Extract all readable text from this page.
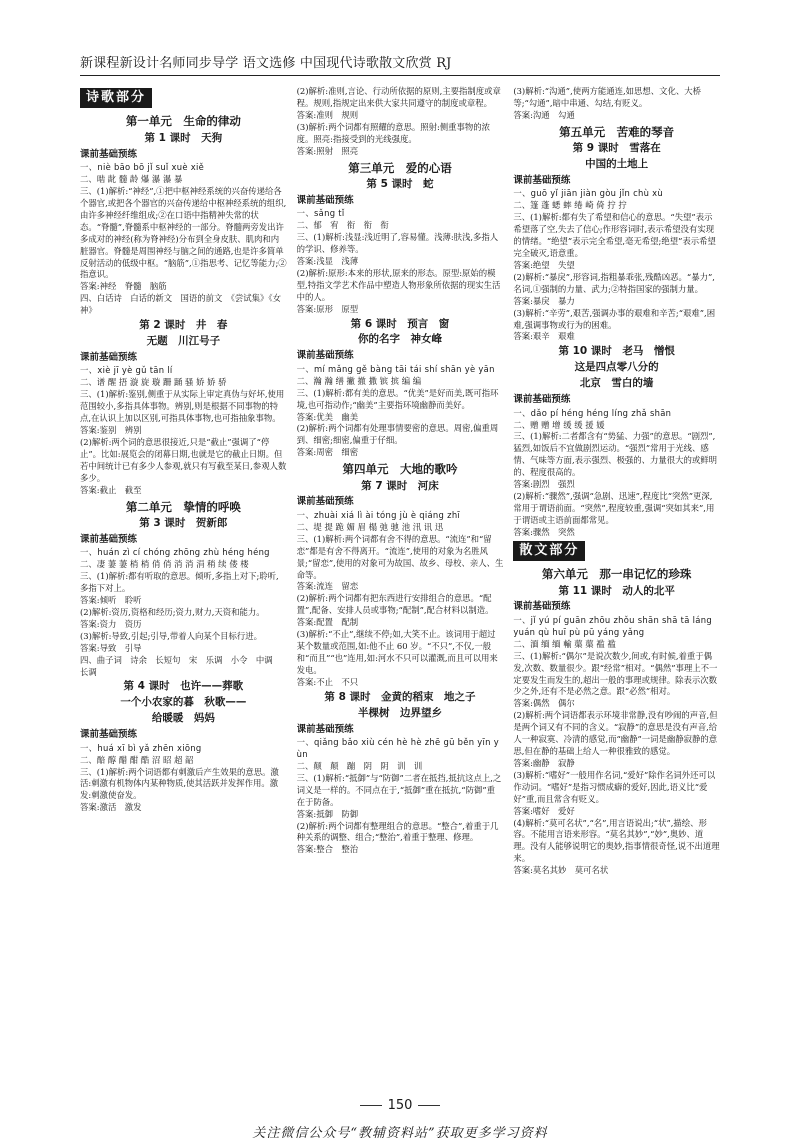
新课程新设计名师同步导学 语文选修 中国现代诗歌散文欣赏 RJ
诗歌部分
第一单元　生命的律动
第 1 课时　天狗
课前基础预练
一、niè bāo bō jǐ suǐ xuè xiě
二、啮 龀 髓 龄 爆 瀑 瀑 暴
三、(1)解析:“神经”,①把中枢神经系统的兴奋传递给各个器官,或把各个器官的兴奋传递给中枢神经系统的组织,由许多神经纤维组成;②在口语中指精神失常的状态。“脊髓”,脊髓系中枢神经的一部分。脊髓两旁发出许多成对的神经(称为脊神经)分布到全身皮肤、肌肉和内脏器官。脊髓是周围神经与脑之间的通路,也是许多简单反射活动的低级中枢。“脑筋”,①指思考、记忆等能力;②指意识。
答案:神经　脊髓　脑筋
四、白话诗　白话的新文　国语的前文　《尝试集》《女神》
第 2 课时　井　春
无题　川江号子
课前基础预练
一、xiè jī yè gǔ tān lí
二、谱 醒 捂 漩 旋 璇 跚 踊 骚 娇 娇 骄
三、(1)解析:鉴别,侧重于从实际上审定真伪与好坏,使用范围较小,多指具体事物。辨别,则是根据不同事物的特点,在认识上加以区别,可指具体事物,也可指抽象事物。
答案:鉴别　辨别
(2)解析:两个词的意思很接近,只是“截止”强调了“停止”。比如:展览会的闭幕日期,也就是它的截止日期。但若中间统计已有多少人参观,就只有写截至某日,参观人数多少。
答案:截止　截至
第二单元　挚情的呼唤
第 3 课时　贺新郎
课前基础预练
一、huán zì cí chóng zhōng zhù héng héng
二、凄 萋 萋 梢 梢 俏 俏 消 消 涓 稍 续 偻 楼
三、(1)解析:都有听取的意思。倾听,多指上对下;聆听,多指下对上。
答案:倾听　聆听
(2)解析:资历,资格和经历;资力,财力,天资和能力。
答案:资力　资历
(3)解析:导致,引起;引导,带着人向某个目标行进。
答案:导致　引导
四、曲子词　诗余　长短句　宋　乐调　小令　中调　长调
第 4 课时　也许——葬歌
一个小农家的暮　秋歌——
给暖暖　妈妈
课前基础预练
一、huá xī bì yǎ zhēn xiōng
二、醅 醇 醋 酣 酷 沼 昭 超 韶
三、(1)解析:两个词语都有刺激后产生效果的意思。激活:刺激有机物体内某种物质,使其活跃并发挥作用。激发:刺激使奋发。
答案:激活　激发
(2)解析:准则,言论、行动所依据的原则,主要指制度或章程。规则,指规定出来供大家共同遵守的制度或章程。
答案:准则　规则
(3)解析:两个词都有照耀的意思。照射:侧重事物的浓度。照亮:指接受到的光线强度。
答案:照射　照亮
第三单元　爱的心语
第 5 课时　蛇
课前基础预练
一、sǎng tǐ
二、郁　宥　衔　衔　衔
三、(1)解析:浅显:浅近明了,容易懂。浅薄:肤浅,多指人的学识、修养等。
答案:浅显　浅薄
(2)解析:原形:本来的形状,原来的形态。原型:原始的模型,特指文学艺术作品中塑造人物形象所依据的现实生活中的人。
答案:原形　原型
第 6 课时　预言　窗
你的名字　神女峰
课前基础预练
一、mí mǎng gě bàng tāi tái shí shān yè yān
二、瀚 瀚 缮 撇 撤 撒 镔 摈 编 编
三、(1)解析:都有美的意思。“优美”是好而美,既可指环境,也可指动作;“幽美”主要指环境幽静而美好。
答案:优美　幽美
(2)解析:两个词都有处理事情要密的意思。周密,偏重周到、细密;细密,偏重于仔细。
答案:周密　细密
第四单元　大地的歌吟
第 7 课时　河床
课前基础预练
一、zhuài xiá lì ài tóng jù è qiáng zhī
二、堤 提 跪 媚 眉 榻 弛 驰 池 汛 讯 迅
三、(1)解析:两个词都有舍不得的意思。“流连”和“留恋”都是有舍不得离开。“流连”,使用的对象为名胜风景;“留恋”,使用的对象可为故国、故乡、母校、亲人、生命等。
答案:流连　留恋
(2)解析:两个词都有把东西进行安排组合的意思。“配置”,配备、安排人员或事物;“配制”,配合材料以制造。
答案:配置　配制
(3)解析:“不止”,继续不停;如,大笑不止。该词用于超过某个数量或范围,如:他不止 60 岁。“不只”,不仅,一般和“而且”“也”连用,如:河水不只可以灌溉,而且可以用来发电。
答案:不止　不只
第 8 课时　金黄的稻束　地之子
半棵树　边界望乡
课前基础预练
一、qiǎng bǎo xiù cén hè hè zhē gū běn yīn yùn
二、颠　颠　蹦　阴　阴　训　训
三、(1)解析:“抵御”与“防御”二者在抵挡,抵抗这点上,之词义是一样的。不同点在于,“抵御”重在抵抗,“防御”重在于防备。
答案:抵御　防御
(2)解析:两个词都有整理组合的意思。“整合”,着重于几种关系的调整、组合;“整治”,着重于整理、修理。
答案:整合　整治
(3)解析:“沟通”,使两方能通连,如思想、文化、大桥等;“勾通”,暗中串通、勾结,有贬义。
答案:沟通　勾通
第五单元　苦难的琴音
第 9 课时　雪落在
中国的土地上
课前基础预练
一、guō yǐ jiān jiàn gòu jǐn chù xù
二、篷 蓬 蟋 蟀 绻 崎 倚 拧 拧
三、(1)解析:都有失了希望和信心的意思。“失望”表示希望落了空,失去了信心;作形容词时,表示希望没有实现的情绪。“绝望”表示完全希望,毫无希望;绝望”表示希望完全破灭,语意重。
答案:绝望　失望
(2)解析:“暴戾”,形容词,指粗暴乖张,残酷凶恶。“暴力”,名词,①强制的力量、武力;②特指国家的强制力量。
答案:暴戾　暴力
(3)解析:“辛劳”,艰苦,强调办事的艰难和辛苦;“艰难”,困难,强调事物或行为的困难。
答案:艰辛　艰难
第 10 课时　老马　憎恨
这是四点零八分的
北京　雪白的墙
课前基础预练
一、dǎo pí héng héng líng zhǎ shān
二、赠 赠 增 缓 缓 援 媛
三、(1)解析:二者都含有“势猛、力强”的意思。“剧烈”,猛烈,如饭后不宜做剧烈运动。“强烈”常用于光线、感情、气味等方面,表示强烈、极强的、力量很大的或鲜明的、程度很高的。
答案:剧烈　强烈
(2)解析:“骤然”,强调“急剧、迅速”,程度比“突然”更深,常用于谓语前面。“突然”,程度较重,强调“突如其来”,用于谓语或主语前面都常见。
答案:骤然　突然
散文部分
第六单元　那一串记忆的珍珠
第 11 课时　动人的北平
课前基础预练
一、jǐ yú pí guān zhōu zhǒu shān shā tā láng yuán qù huī pù pū yáng yǎng
二、湎 缅 缅 輸 蕖 蕖 褴 褴
三、(1)解析:“偶尔”是说次数少,间或,有时候,着重于偶发,次数、数量很少。跟“经常”相对。“偶然”事理上不一定要发生而发生的,超出一般的事理或规律。除表示次数少之外,还有不是必然之意。跟“必然”相对。
答案:偶然　偶尔
(2)解析:两个词语都表示环境非常静,没有吵闹的声音,但是两个词又有不同的含义。“寂静”的意思是没有声音,给人一种寂寞、冷清的感觉,而“幽静”一词是幽静寂静的意思,但在静的基础上给人一种很雅致的感觉。
答案:幽静　寂静
(3)解析:“嗜好”一般用作名词,“爱好”除作名词外还可以作动词。“嗜好”是指习惯成癖的爱好,因此,语义比“爱好”重,而且常含有贬义。
答案:嗜好　爱好
(4)解析:“莫可名状”,“名”,用言语说出;“状”,描绘、形容。不能用言语来形容。“莫名其妙”,“妙”,奥妙、道理。没有人能够说明它的奥妙,指事情很奇怪,说不出道理来。
答案:莫名其妙　莫可名状
150
关注微信公众号“教辅资料站”获取更多学习资料
